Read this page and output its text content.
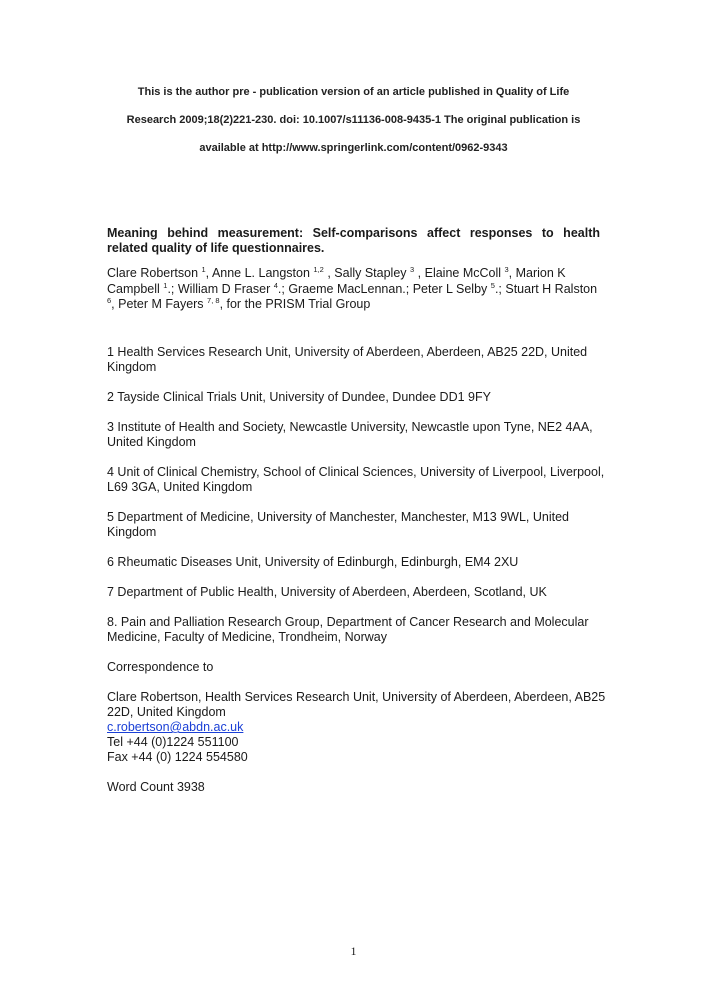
This is the author pre - publication version of an article published in Quality of Life
Research 2009;18(2)221-230. doi: 10.1007/s11136-008-9435-1 The original publication is
available at http://www.springerlink.com/content/0962-9343
Meaning behind measurement: Self-comparisons affect responses to health related quality of life questionnaires.
Clare Robertson $^1$, Anne L. Langston $^{1,2}$ , Sally Stapley $^3$ , Elaine McColl $^3$, Marion K Campbell $^1$.; William D Fraser $^4$.; Graeme MacLennan.; Peter L Selby $^5$.; Stuart H Ralston $^6$, Peter M Fayers $^{7, 8}$, for the PRISM Trial Group
1 Health Services Research Unit, University of Aberdeen, Aberdeen, AB25 22D, United Kingdom
2 Tayside Clinical Trials Unit, University of Dundee, Dundee DD1 9FY
3 Institute of Health and Society, Newcastle University, Newcastle upon Tyne, NE2 4AA, United Kingdom
4 Unit of Clinical Chemistry, School of Clinical Sciences, University of Liverpool, Liverpool, L69 3GA, United Kingdom
5 Department of Medicine, University of Manchester, Manchester, M13 9WL, United Kingdom
6 Rheumatic Diseases Unit, University of Edinburgh, Edinburgh, EM4 2XU
7 Department of Public Health, University of Aberdeen, Aberdeen, Scotland, UK
8. Pain and Palliation Research Group, Department of Cancer Research and Molecular Medicine, Faculty of Medicine, Trondheim, Norway
Correspondence to
Clare Robertson, Health Services Research Unit, University of Aberdeen, Aberdeen, AB25 22D, United Kingdom
c.robertson@abdn.ac.uk
Tel +44 (0)1224 551100
Fax +44 (0) 1224 554580
Word Count 3938
1
